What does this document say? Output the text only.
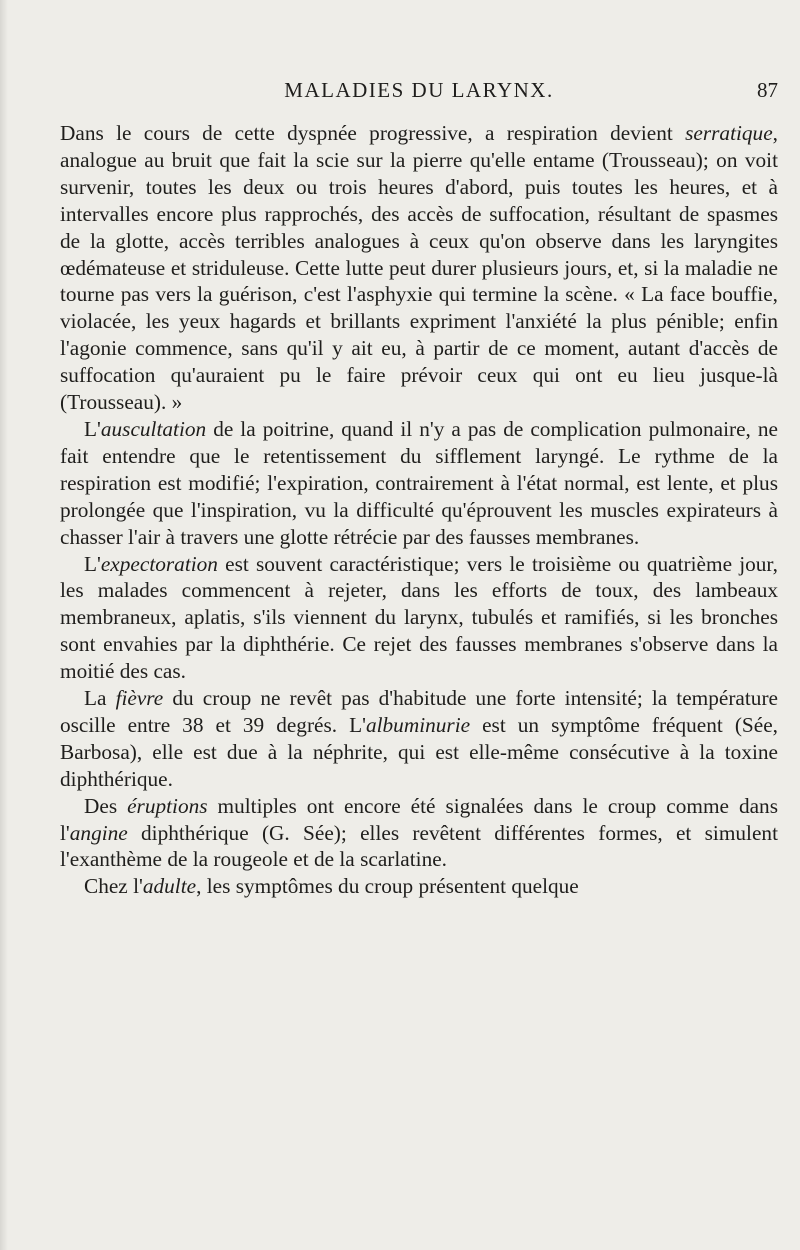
MALADIES DU LARYNX.	87

Dans le cours de cette dyspnée progressive, a respiration devient serratique, analogue au bruit que fait la scie sur la pierre qu'elle entame (Trousseau); on voit survenir, toutes les deux ou trois heures d'abord, puis toutes les heures, et à intervalles encore plus rapprochés, des accès de suffocation, résultant de spasmes de la glotte, accès terribles analogues à ceux qu'on observe dans les laryngites œdémateuse et striduleuse. Cette lutte peut durer plusieurs jours, et, si la maladie ne tourne pas vers la guérison, c'est l'asphyxie qui termine la scène. « La face bouffie, violacée, les yeux hagards et brillants expriment l'anxiété la plus pénible; enfin l'agonie commence, sans qu'il y ait eu, à partir de ce moment, autant d'accès de suffocation qu'auraient pu le faire prévoir ceux qui ont eu lieu jusque-là (Trousseau). »

L'auscultation de la poitrine, quand il n'y a pas de complication pulmonaire, ne fait entendre que le retentissement du sifflement laryngé. Le rythme de la respiration est modifié; l'expiration, contrairement à l'état normal, est lente, et plus prolongée que l'inspiration, vu la difficulté qu'éprouvent les muscles expirateurs à chasser l'air à travers une glotte rétrécie par des fausses membranes.

L'expectoration est souvent caractéristique; vers le troisième ou quatrième jour, les malades commencent à rejeter, dans les efforts de toux, des lambeaux membraneux, aplatis, s'ils viennent du larynx, tubulés et ramifiés, si les bronches sont envahies par la diphthérie. Ce rejet des fausses membranes s'observe dans la moitié des cas.

La fièvre du croup ne revêt pas d'habitude une forte intensité; la température oscille entre 38 et 39 degrés. L'albuminurie est un symptôme fréquent (Sée, Barbosa), elle est due à la néphrite, qui est elle-même consécutive à la toxine diphthérique.

Des éruptions multiples ont encore été signalées dans le croup comme dans l'angine diphthérique (G. Sée); elles revêtent différentes formes, et simulent l'exanthème de la rougeole et de la scarlatine.

Chez l'adulte, les symptômes du croup présentent quelque
